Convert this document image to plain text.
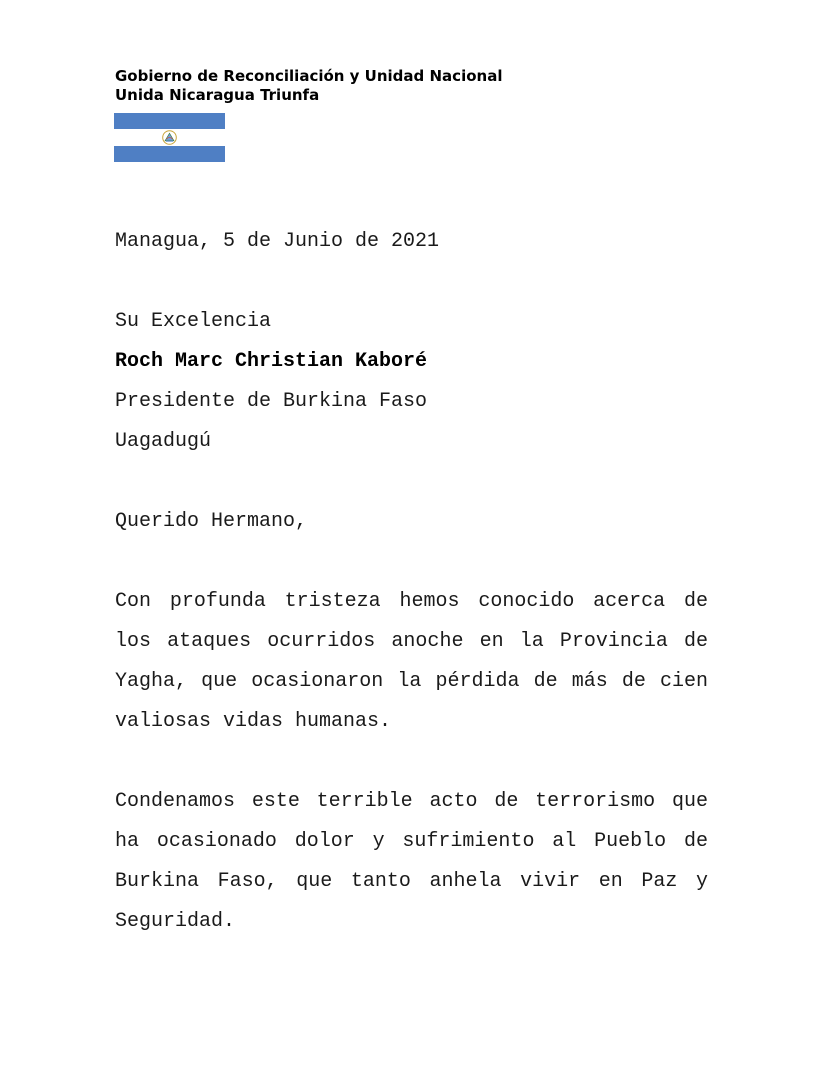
Gobierno de Reconciliación y Unidad Nacional
Unida Nicaragua Triunfa
Managua, 5 de Junio de 2021
Su Excelencia
Roch Marc Christian Kaboré
Presidente de Burkina Faso
Uagadugú
Querido Hermano,
Con profunda tristeza hemos conocido acerca de los ataques ocurridos anoche en la Provincia de Yagha, que ocasionaron la pérdida de más de cien valiosas vidas humanas.
Condenamos este terrible acto de terrorismo que ha ocasionado dolor y sufrimiento al Pueblo de Burkina Faso, que tanto anhela vivir en Paz y Seguridad.
